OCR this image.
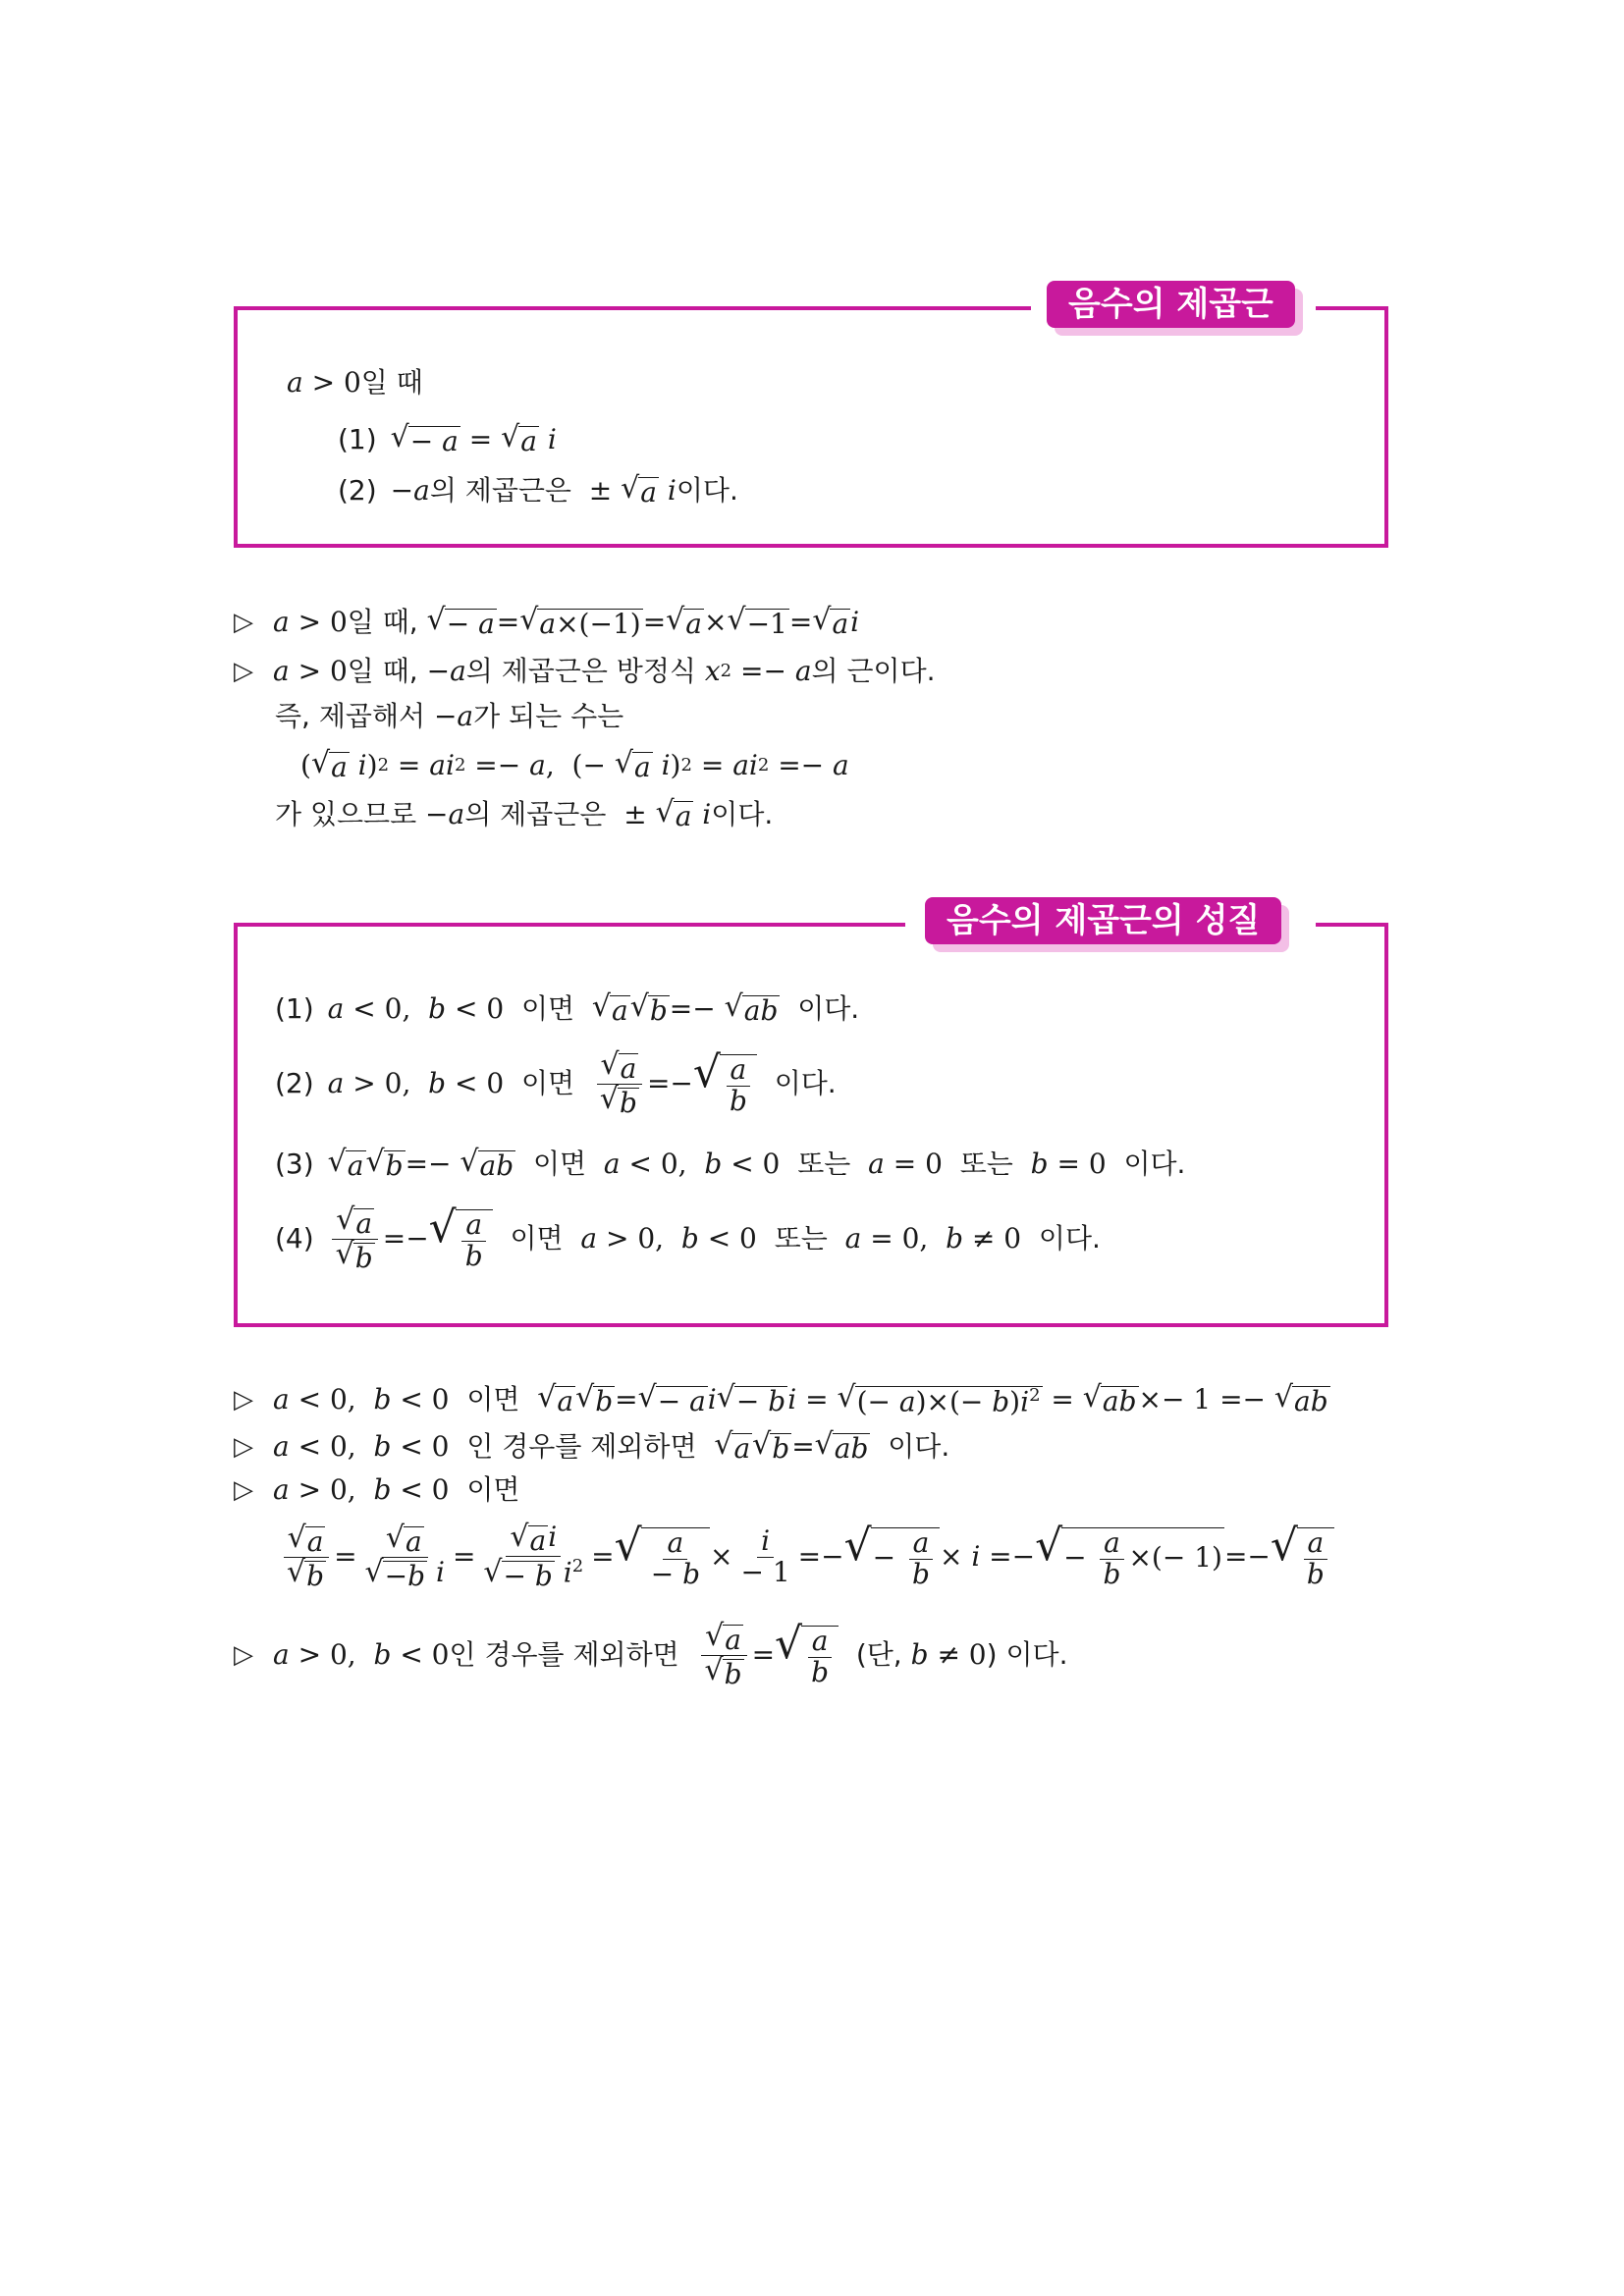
음수의 제곱근
a > 0 일 때
(1) √ − a = √ a
i
(2) − a 의 제곱근은 ± √ a
i 이다.
▷ a > 0 일 때,
√ − a = √ a×(−1) = √ a × √ −1 = √ a i
▷ a > 0 일 때, − a 의 제곱근은 방정식
x 2 =− a 의 근이다.
즉, 제곱해서 − a 가 되는 수는
( √ a
i ) 2 = ai 2 =− a ,  (− √ a
i ) 2 = ai 2 =− a
가 있으므로 − a 의 제곱근은 ± √ a
i 이다.
음수의 제곱근의 성질
(1) a < 0, b < 0 이면
√ a √ b =− √ ab
이다.
(2) a > 0, b < 0 이면
$\frac{√ a}{√ b}$ =− √ $\frac{a}{b}$
이다.
(3) √ a √ b =− √ ab
이면
a < 0, b < 0 또는
a = 0 또는
b = 0 이다.
$(4) \frac{√ a}{√ b}$ =− √ $\frac{a}{b}$
이면
a > 0, b < 0 또는
a = 0, b ≠ 0 이다.
▷ a < 0, b < 0 이면
√ a √ b = √ − a i √ − b i = √ (− $a)\times(- b)i^2$ = √ ab ×− 1 =− √ ab
▷ a < 0, b < 0 인 경우를 제외하면
√ a √ b = √ ab
이다.
▷ a > 0, b < 0 이면
$\frac{√ a}{√ b} = \frac{√ a}{\text{√ −b i}} = \frac{\text{√ a i}}{√ - b i^2}$ = √ $\frac{a}{- b} \times \frac{i}{- 1}$ =− √ − $\frac{a}{b} \times i$ =− √ − $\frac{a}{b}$ ×(− 1) =− √ $\frac{a}{b}$
▷ a > 0, b < 0 인 경우를 제외하면
$\frac{√ a}{√ b}$ = √ $\frac{a}{b}$
(단,
b ≠ 0 )
이다.
